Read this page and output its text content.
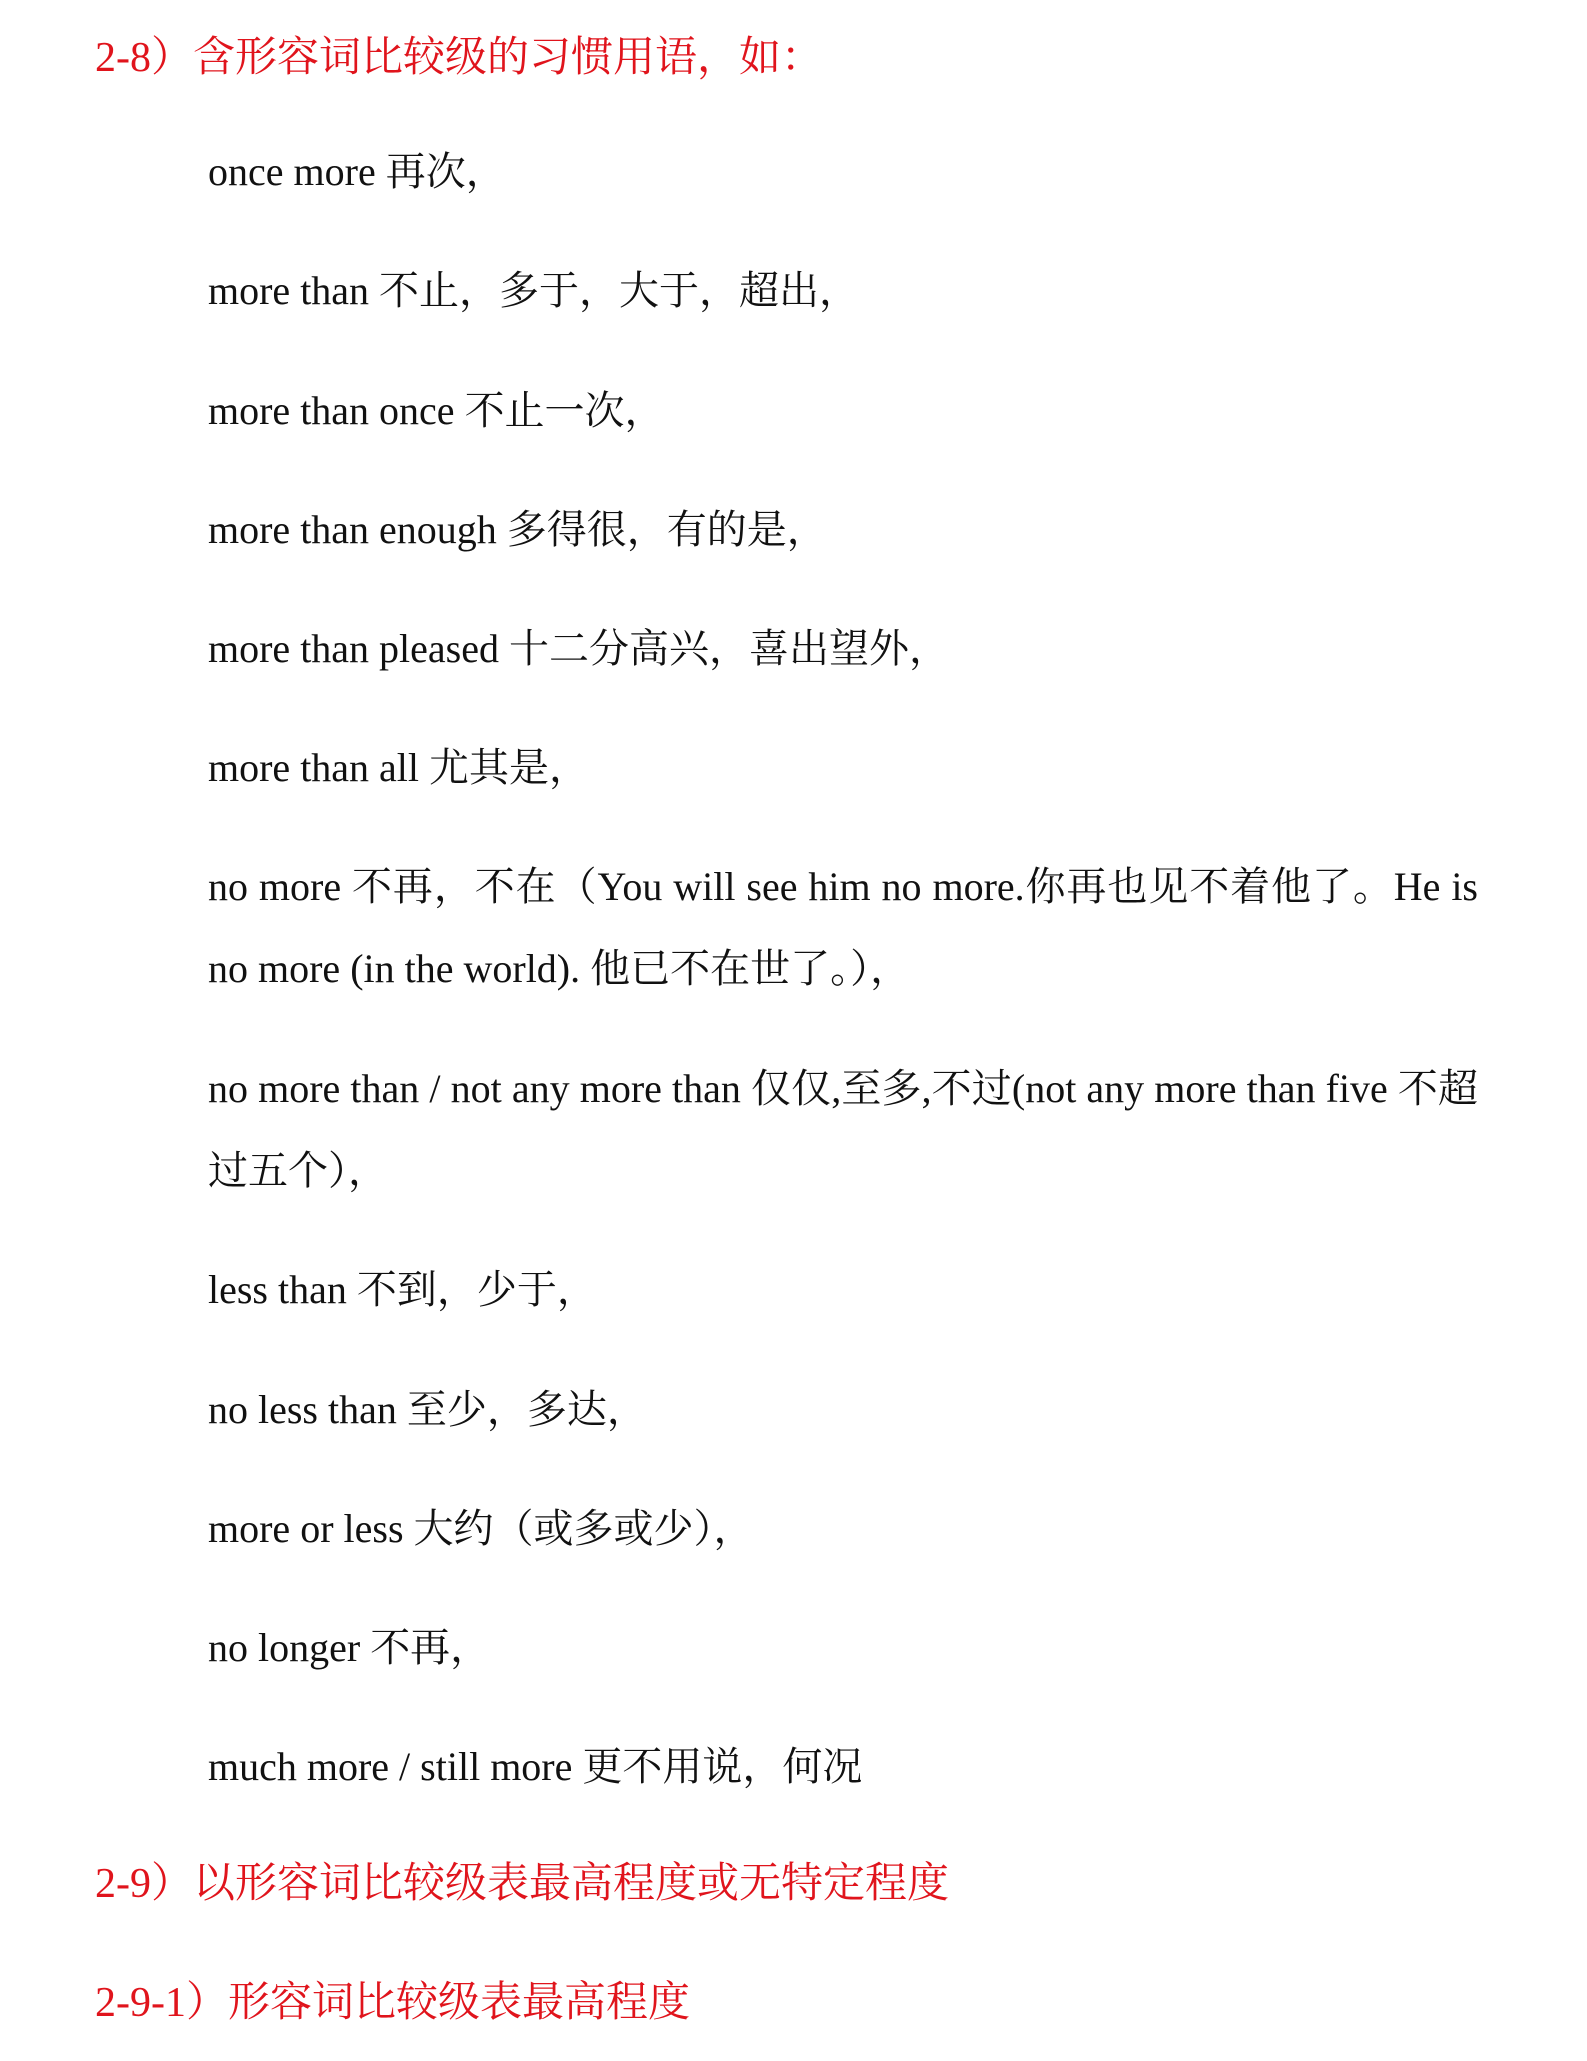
2-8）含形容词比较级的习惯用语，如：
once more 再次，
more than 不止，多于，大于，超出，
more than once 不止一次，
more than enough 多得很，有的是，
more than pleased 十二分高兴，喜出望外，
more than all 尤其是，
no more 不再，不在（You will see him no more.你再也见不着他了。He is no more (in the world). 他已不在世了。），
no more than / not any more than 仅仅,至多,不过(not any more than five 不超过五个），
less than 不到，少于，
no less than 至少，多达，
more or less 大约（或多或少），
no longer 不再，
much more / still more 更不用说，何况
2-9）以形容词比较级表最高程度或无特定程度
2-9-1）形容词比较级表最高程度
